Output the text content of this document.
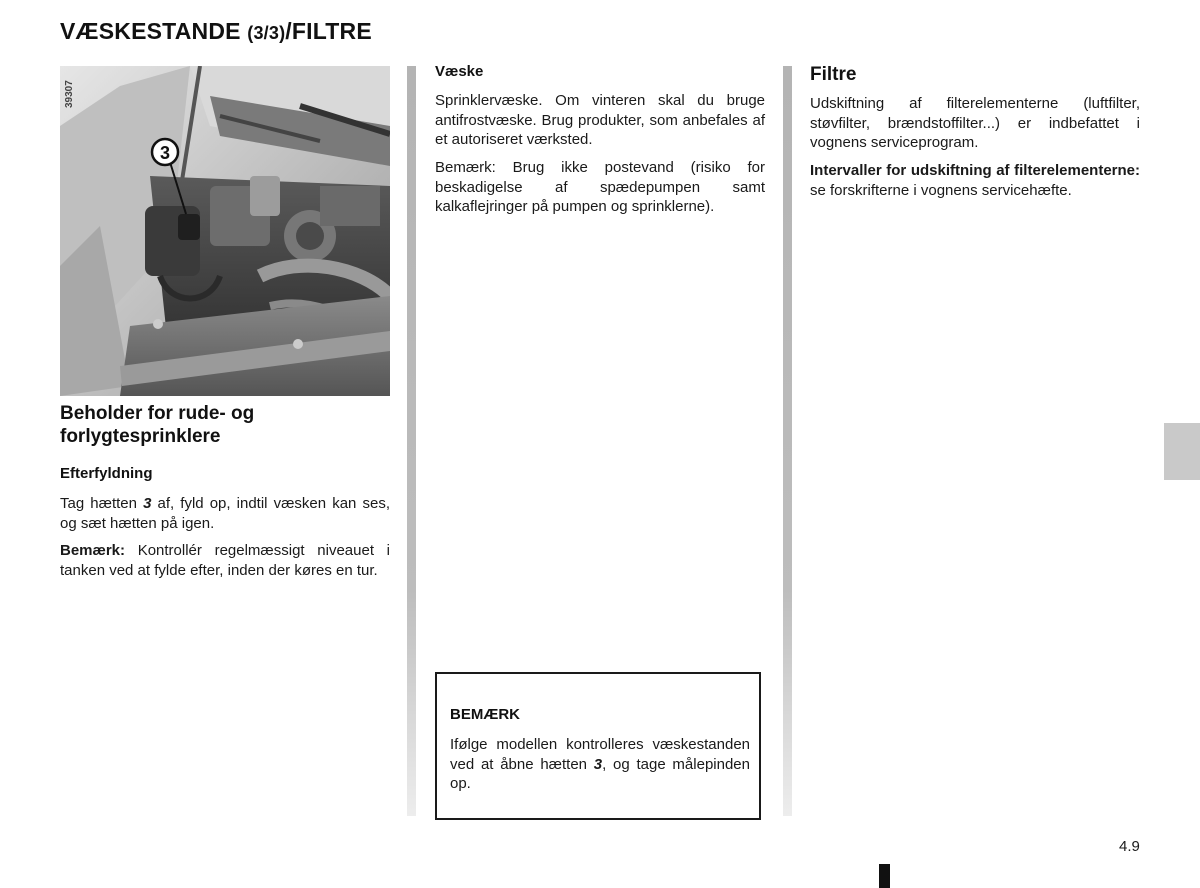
VÆSKESTANDE (3/3)/FILTRE
3
39307
Beholder for rude- og forlygtesprinklere
Efterfyldning
Tag hætten 3 af, fyld op, indtil væsken kan ses, og sæt hætten på igen.
Bemærk: Kontrollér regelmæssigt niveauet i tanken ved at fylde efter, inden der køres en tur.
Væske
Sprinklervæske. Om vinteren skal du bruge antifrostvæske. Brug produkter, som anbefales af et autoriseret værksted.
Bemærk: Brug ikke postevand (risiko for beskadigelse af spædepumpen samt kalkaflejringer på pumpen og sprinklerne).
BEMÆRK
Ifølge modellen kontrolleres væskestanden ved at åbne hætten 3, og tage målepinden op.
Filtre
Udskiftning af filterelementerne (luftfilter, støvfilter, brændstoffilter...) er indbefattet i vognens serviceprogram.
Intervaller for udskiftning af filterelementerne: se forskrifterne i vognens servicehæfte.
4.9
